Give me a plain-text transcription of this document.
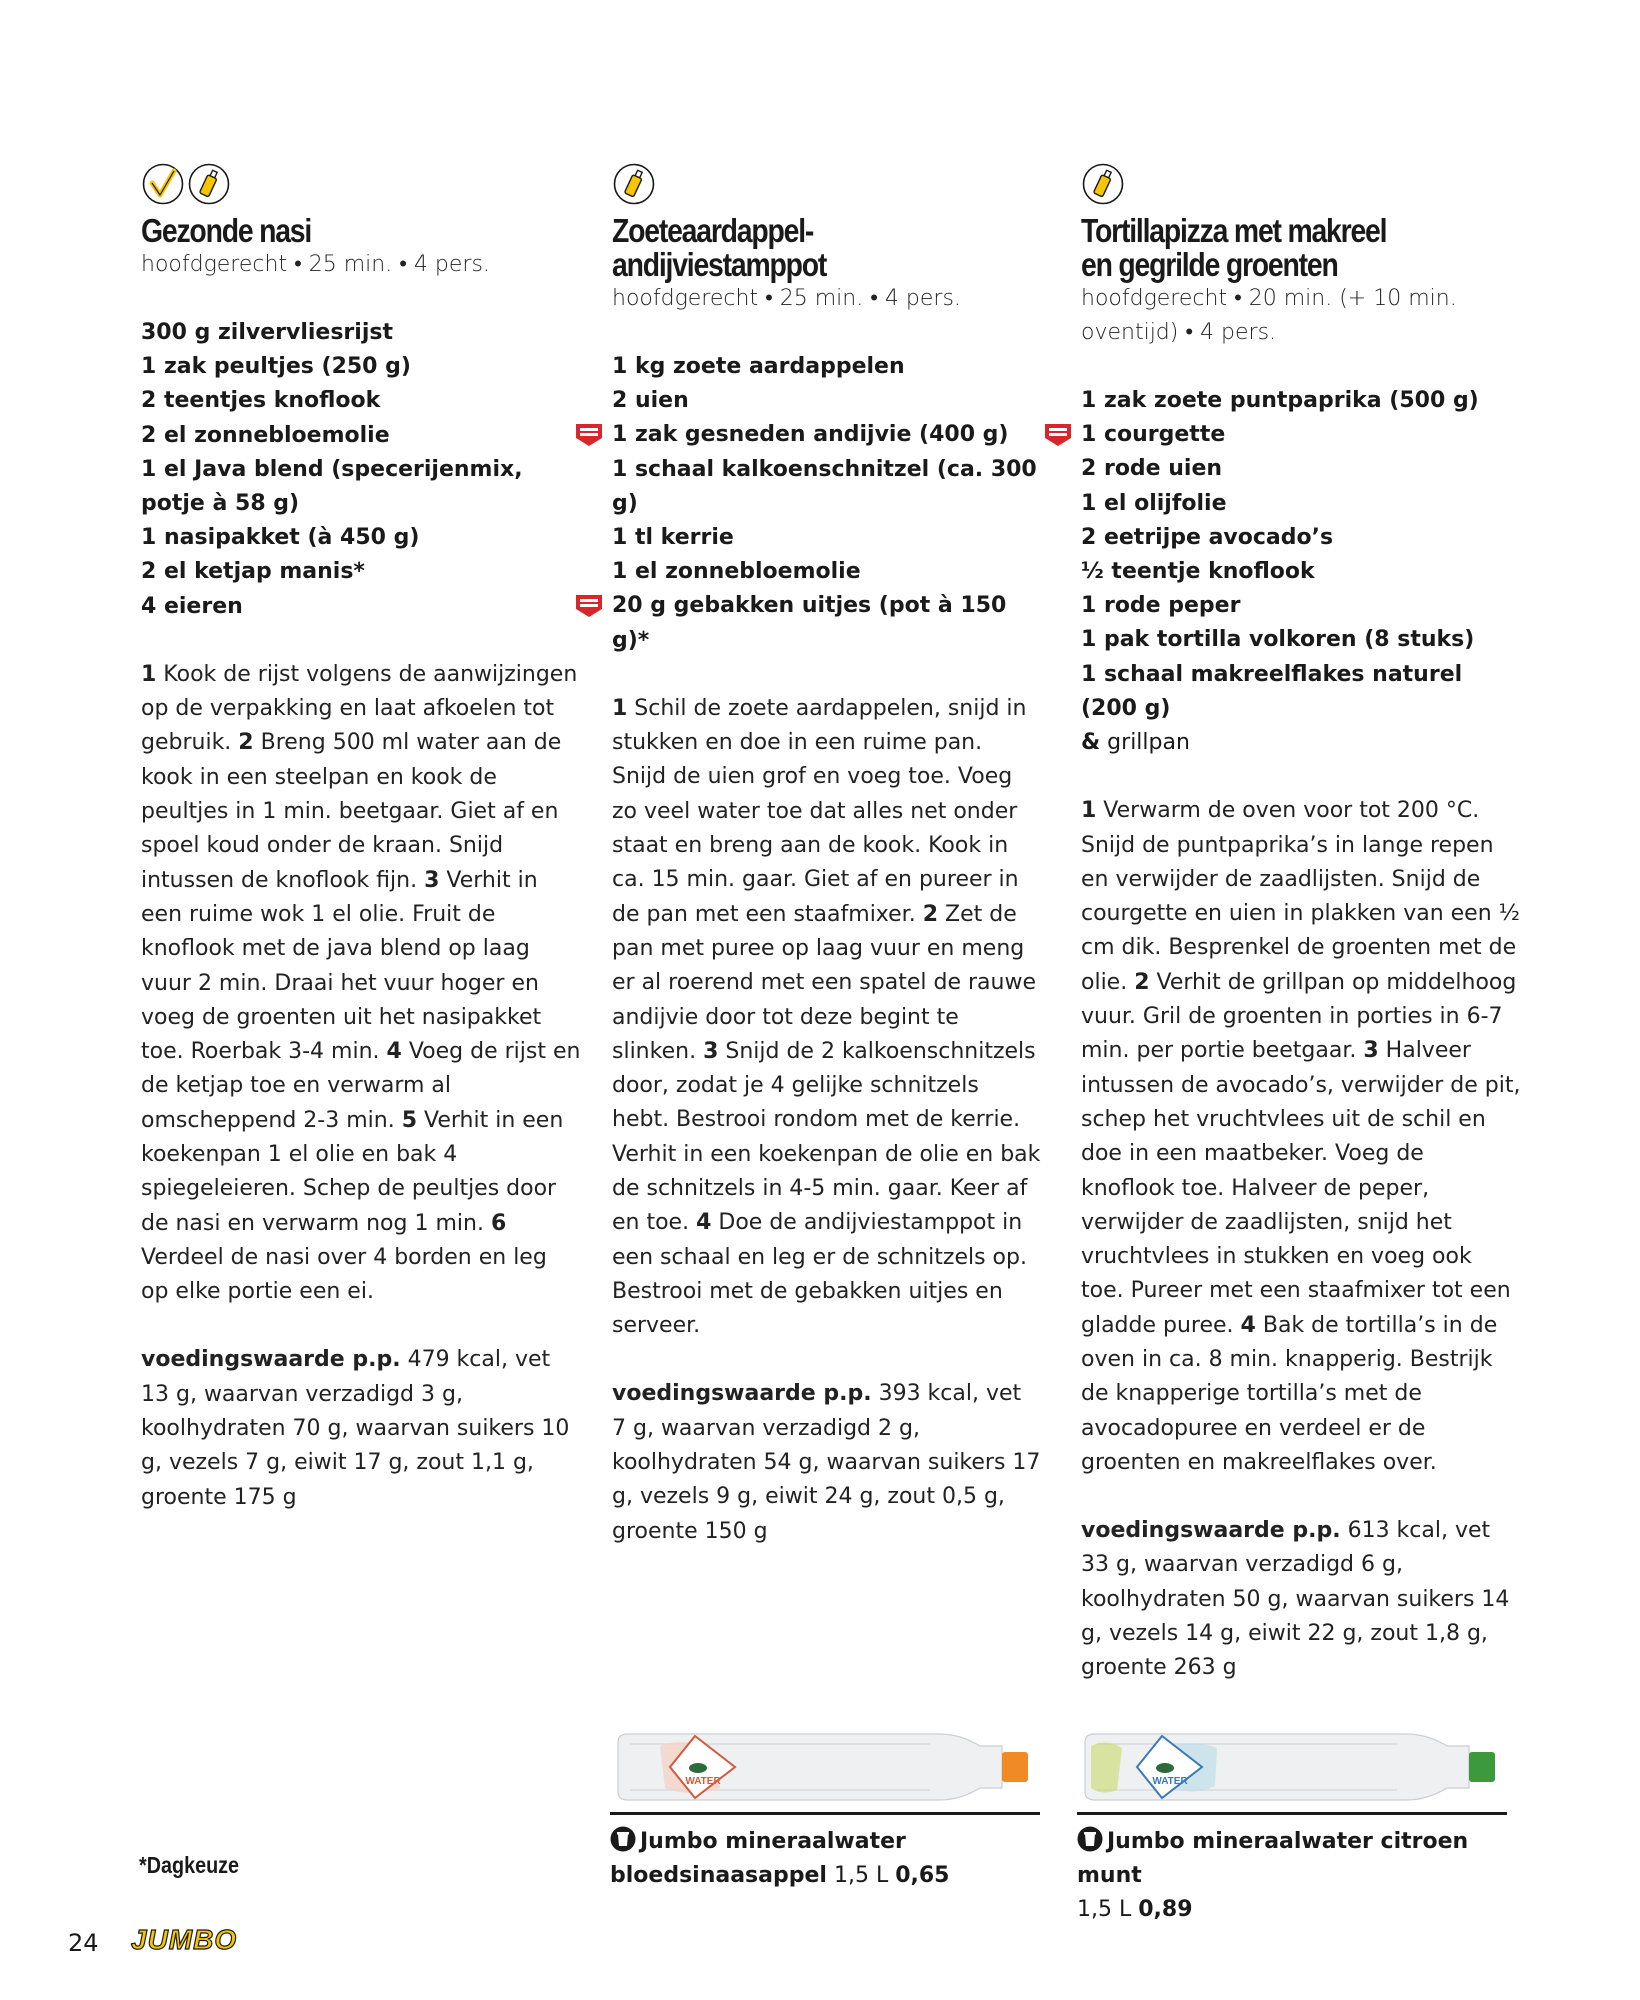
Gezonde nasi

hoofdgerecht • 25 min. • 4 pers.

300 g zilvervliesrijst
1 zak peultjes (250 g)
2 teentjes knoflook
2 el zonnebloemolie
1 el Java blend (specerijenmix,
potje à 58 g)
1 nasipakket (à 450 g)
2 el ketjap manis*
4 eieren

1 Kook de rijst volgens de aanwijzingen op de verpakking en laat afkoelen tot gebruik. 2 Breng 500 ml water aan de kook in een steelpan en kook de peultjes in 1 min. beetgaar. Giet af en spoel koud onder de kraan. Snijd intussen de knoflook fijn. 3 Verhit in een ruime wok 1 el olie. Fruit de knoflook met de java blend op laag vuur 2 min. Draai het vuur hoger en voeg de groenten uit het nasipakket toe. Roerbak 3-4 min. 4 Voeg de rijst en de ketjap toe en verwarm al omscheppend 2-3 min. 5 Verhit in een koekenpan 1 el olie en bak 4 spiegeleieren. Schep de peultjes door de nasi en verwarm nog 1 min. 6 Verdeel de nasi over 4 borden en leg op elke portie een ei.

voedingswaarde p.p. 479 kcal, vet 13 g, waarvan verzadigd 3 g, koolhydraten 70 g, waarvan suikers 10 g, vezels 7 g, eiwit 17 g, zout 1,1 g, groente 175 g

Zoeteaardappel-
andijviestamppot

hoofdgerecht • 25 min. • 4 pers.

1 kg zoete aardappelen
2 uien
1 zak gesneden andijvie (400 g)
1 schaal kalkoenschnitzel (ca. 300 g)
1 tl kerrie
1 el zonnebloemolie
20 g gebakken uitjes (pot à 150 g)*

1 Schil de zoete aardappelen, snijd in stukken en doe in een ruime pan. Snijd de uien grof en voeg toe. Voeg zo veel water toe dat alles net onder staat en breng aan de kook. Kook in ca. 15 min. gaar. Giet af en pureer in de pan met een staafmixer. 2 Zet de pan met puree op laag vuur en meng er al roerend met een spatel de rauwe andijvie door tot deze begint te slinken. 3 Snijd de 2 kalkoenschnitzels door, zodat je 4 gelijke schnitzels hebt. Bestrooi rondom met de kerrie. Verhit in een koekenpan de olie en bak de schnitzels in 4-5 min. gaar. Keer af en toe. 4 Doe de andijviestamppot in een schaal en leg er de schnitzels op. Bestrooi met de gebakken uitjes en serveer.

voedingswaarde p.p. 393 kcal, vet 7 g, waarvan verzadigd 2 g, koolhydraten 54 g, waarvan suikers 17 g, vezels 9 g, eiwit 24 g, zout 0,5 g, groente 150 g

Tortillapizza met makreel
en gegrilde groenten

hoofdgerecht • 20 min. (+ 10 min. oventijd) • 4 pers.

1 zak zoete puntpaprika (500 g)
1 courgette
2 rode uien
1 el olijfolie
2 eetrijpe avocado’s
½ teentje knoflook
1 rode peper
1 pak tortilla volkoren (8 stuks)
1 schaal makreelflakes naturel
(200 g)
& grillpan

1 Verwarm de oven voor tot 200 °C. Snijd de puntpaprika’s in lange repen en verwijder de zaadlijsten. Snijd de courgette en uien in plakken van een ½ cm dik. Besprenkel de groenten met de olie. 2 Verhit de grillpan op middelhoog vuur. Gril de groenten in porties in 6-7 min. per portie beetgaar. 3 Halveer intussen de avocado’s, verwijder de pit, schep het vruchtvlees uit de schil en doe in een maatbeker. Voeg de knoflook toe. Halveer de peper, verwijder de zaadlijsten, snijd het vruchtvlees in stukken en voeg ook toe. Pureer met een staafmixer tot een gladde puree. 4 Bak de tortilla’s in de oven in ca. 8 min. knapperig. Bestrijk de knapperige tortilla’s met de avocadopuree en verdeel er de groenten en makreelflakes over.

voedingswaarde p.p. 613 kcal, vet 33 g, waarvan verzadigd 6 g, koolhydraten 50 g, waarvan suikers 14 g, vezels 14 g, eiwit 22 g, zout 1,8 g, groente 263 g

WATER
Jumbo mineraalwater
bloedsinaasappel 1,5 L 0,65
WATER
Jumbo mineraalwater citroen munt
1,5 L 0,89
*Dagkeuze
24 JUMBO
